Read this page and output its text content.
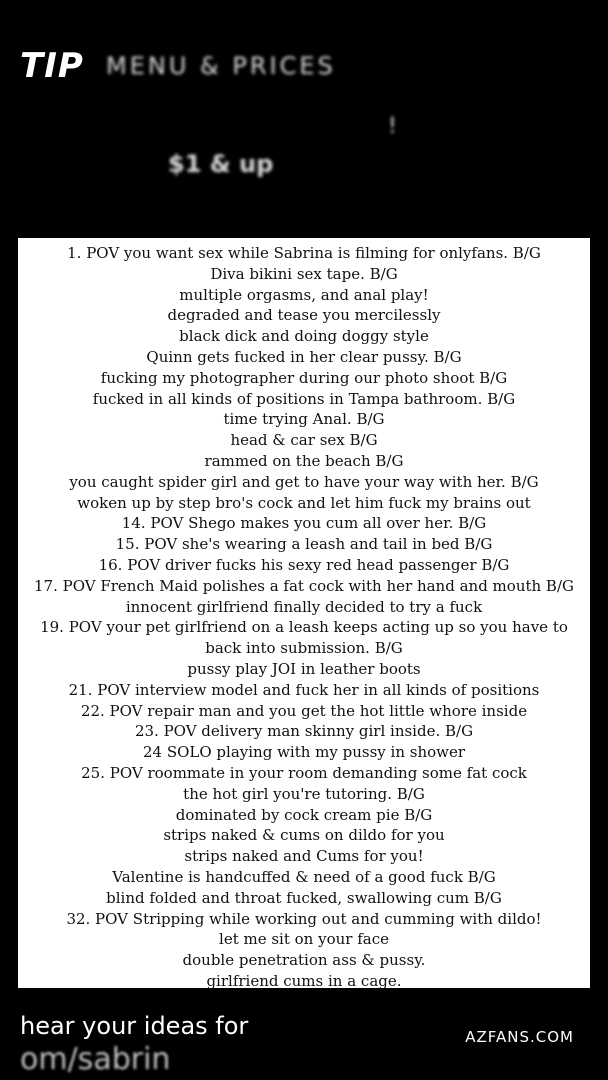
TIP MENU & PRICES
!
$1 & up
1. POV you want sex while Sabrina is filming for onlyfans. B/G
Diva bikini sex tape. B/G
multiple orgasms, and anal play!
degraded and tease you mercilessly
black dick and doing doggy style
Quinn gets fucked in her clear pussy. B/G
fucking my photographer during our photo shoot B/G
fucked in all kinds of positions in Tampa bathroom. B/G
time trying Anal. B/G
head & car sex B/G
rammed on the beach B/G
you caught spider girl and get to have your way with her. B/G
woken up by step bro's cock and let him fuck my brains out
14. POV Shego makes you cum all over her. B/G
15. POV she's wearing a leash and tail in bed B/G
16. POV driver fucks his sexy red head passenger B/G
17. POV French Maid polishes a fat cock with her hand and mouth B/G
innocent girlfriend finally decided to try a fuck
19. POV your pet girlfriend on a leash keeps acting up so you have to
back into submission. B/G
pussy play JOI in leather boots
21. POV interview model and fuck her in all kinds of positions
22. POV repair man and you get the hot little whore inside
23. POV delivery man skinny girl inside. B/G
24 SOLO playing with my pussy in shower
25. POV roommate in your room demanding some fat cock
the hot girl you're tutoring. B/G
dominated by cock cream pie B/G
strips naked & cums on dildo for you
strips naked and Cums for you!
Valentine is handcuffed & need of a good fuck B/G
blind folded and throat fucked, swallowing cum B/G
32. POV Stripping while working out and cumming with dildo!
let me sit on your face
double penetration ass & pussy.
girlfriend cums in a cage.
hear your ideas for
om/sabrin
AZFANS.COM
